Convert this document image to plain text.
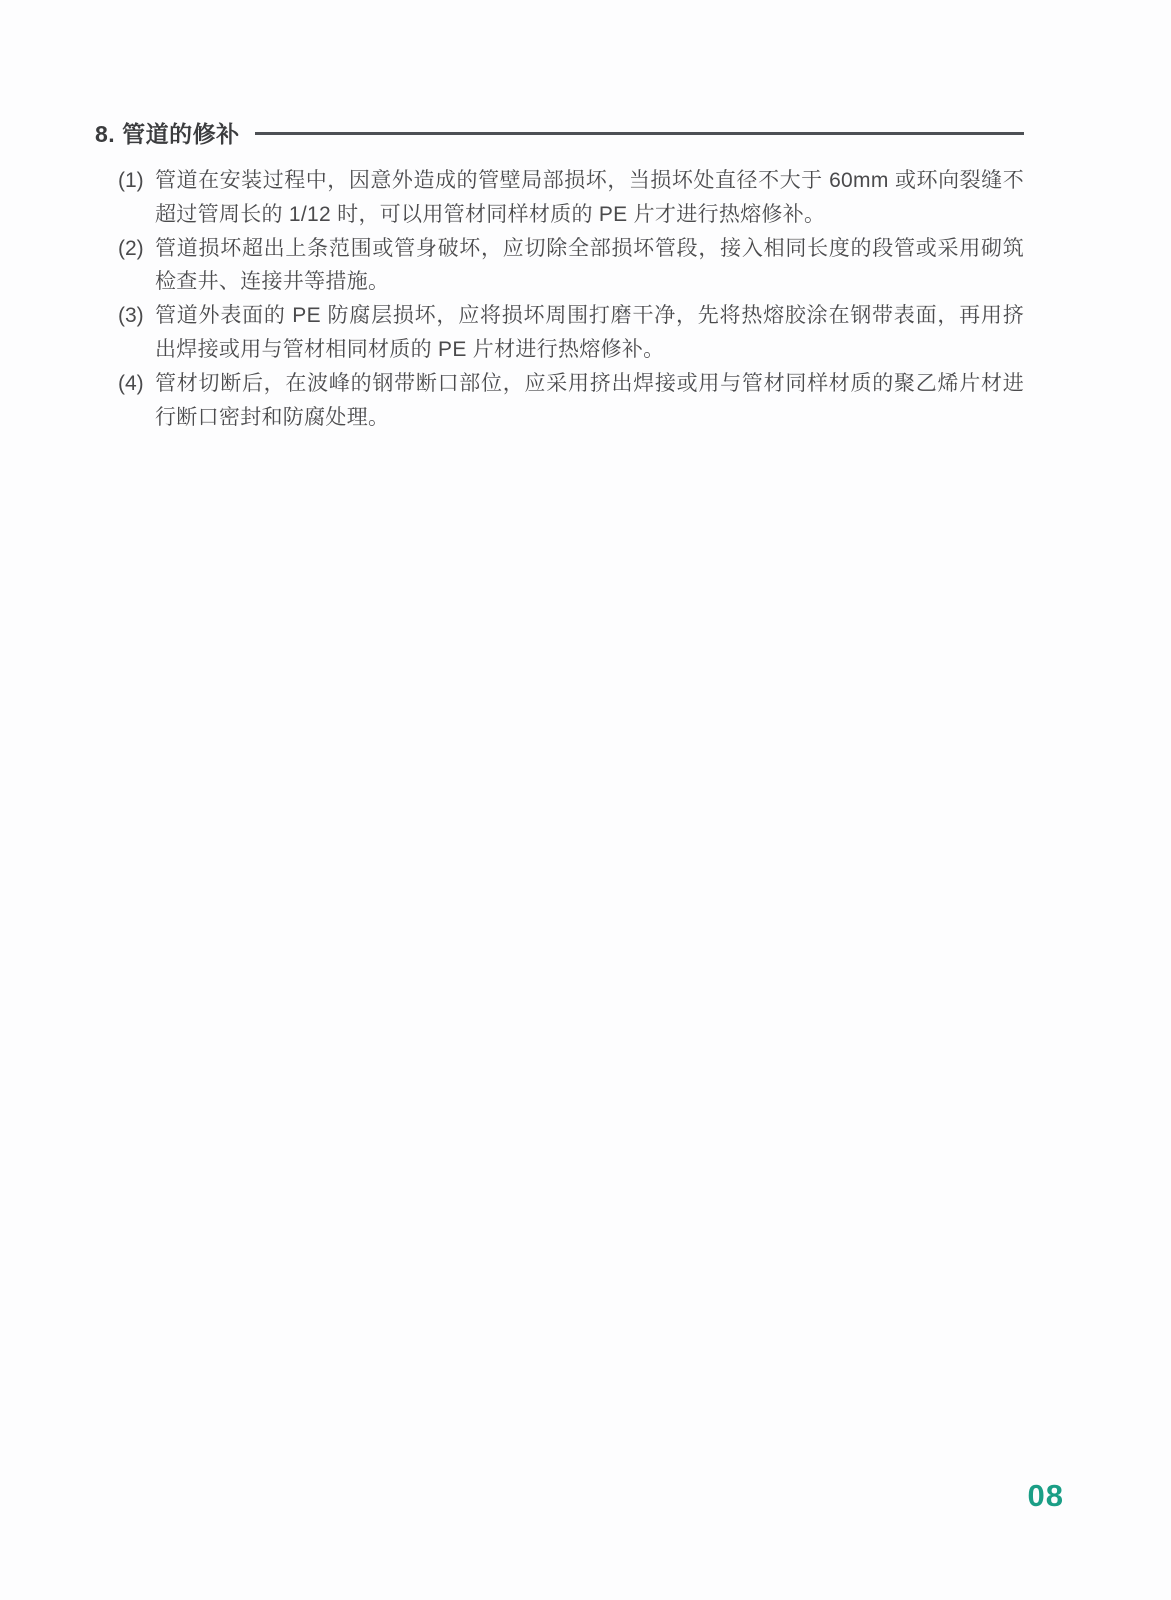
8. 管道的修补
(1) 管道在安装过程中，因意外造成的管壁局部损坏，当损坏处直径不大于 60mm 或环向裂缝不超过管周长的 1/12 时，可以用管材同样材质的 PE 片才进行热熔修补。
(2) 管道损坏超出上条范围或管身破坏，应切除全部损坏管段，接入相同长度的段管或采用砌筑检查井、连接井等措施。
(3) 管道外表面的 PE 防腐层损坏，应将损坏周围打磨干净，先将热熔胶涂在钢带表面，再用挤出焊接或用与管材相同材质的 PE 片材进行热熔修补。
(4) 管材切断后，在波峰的钢带断口部位，应采用挤出焊接或用与管材同样材质的聚乙烯片材进行断口密封和防腐处理。
08
